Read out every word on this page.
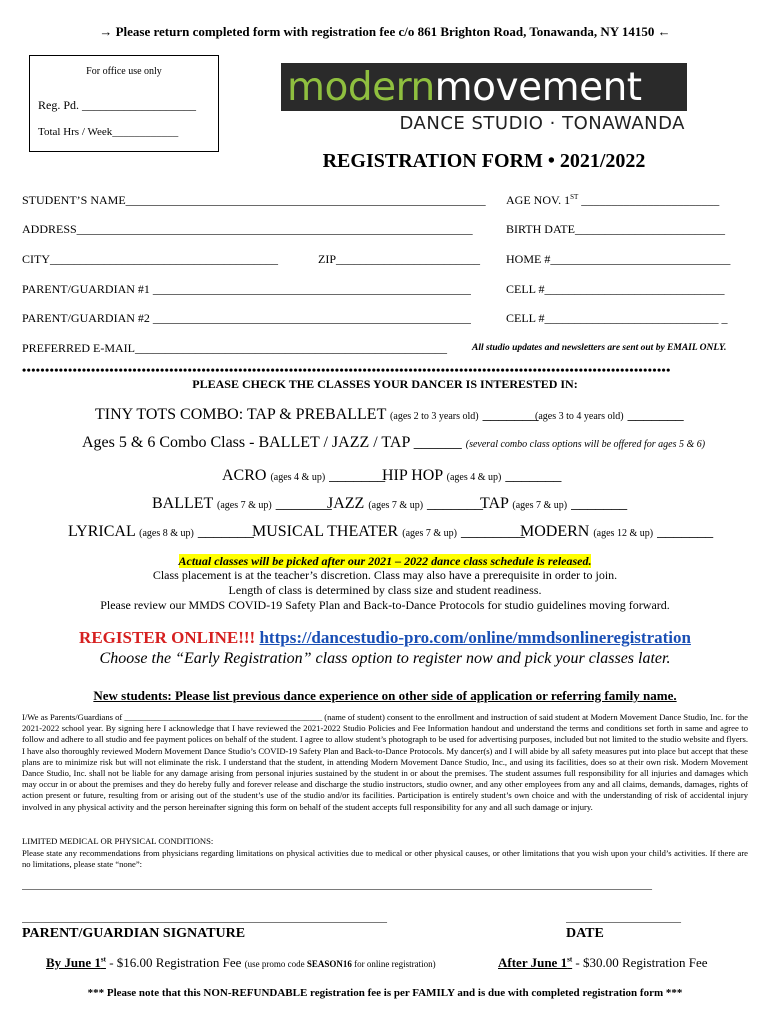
→ Please return completed form with registration fee c/o 861 Brighton Road, Tonawanda, NY 14150 ←
For office use only
Reg. Pd. ___________________
Total Hrs / Week____________
modernmovement
DANCE STUDIO · TONAWANDA
REGISTRATION FORM • 2021/2022
STUDENT’S NAME____________________________________________________________ AGE NOV. 1ST _______________________
ADDRESS__________________________________________________________________	BIRTH DATE_________________________
CITY______________________________________	ZIP________________________ HOME #______________________________
PARENT/GUARDIAN #1 _____________________________________________________	CELL #______________________________
PARENT/GUARDIAN #2 _____________________________________________________	CELL #_____________________________ _
PREFERRED E-MAIL____________________________________________________	All studio updates and newsletters are sent out by EMAIL ONLY.
•••••••••••••••••••••••••••••••••••••••••••••••••••••••••••••••••••••••••••••••••••••••••••••••••••••••••••••••••••••••••••••••••••••••••••••
PLEASE CHECK THE CLASSES YOUR DANCER IS INTERESTED IN:
TINY TOTS COMBO: TAP & PREBALLET (ages 2 to 3 years old) _______
(ages 3 to 4 years old) _______
Ages 5 & 6 Combo Class - BALLET / JAZZ / TAP ______ (several combo class options will be offered for ages 5 & 6)
ACRO (ages 4 & up) _______
HIP HOP (ages 4 & up) _______
BALLET (ages 7 & up) _______
JAZZ (ages 7 & up) _______
TAP (ages 7 & up) _______
LYRICAL (ages 8 & up) _______
MUSICAL THEATER (ages 7 & up) ________
MODERN (ages 12 & up) _______
Actual classes will be picked after our 2021 – 2022 dance class schedule is released.
Class placement is at the teacher’s discretion. Class may also have a prerequisite in order to join.
Length of class is determined by class size and student readiness.
Please review our MMDS COVID-19 Safety Plan and Back-to-Dance Protocols for studio guidelines moving forward.
REGISTER ONLINE!!! https://dancestudio-pro.com/online/mmdsonlineregistration
Choose the “Early Registration” class option to register now and pick your classes later.
New students: Please list previous dance experience on other side of application or referring family name.
I/We as Parents/Guardians of ______________________________________________ (name of student) consent to the enrollment and instruction of said student at Modern Movement Dance Studio, Inc. for the 2021-2022 school year. By signing here I acknowledge that I have reviewed the 2021-2022 Studio Policies and Fee Information handout and understand the terms and conditions set forth in same and agree to follow and adhere to all studio and fee payment polices on behalf of the student. I agree to allow student’s photograph to be used for advertising purposes, included but not limited to the studio website and flyers. I have also thoroughly reviewed Modern Movement Dance Studio’s COVID-19 Safety Plan and Back-to-Dance Protocols. My dancer(s) and I will abide by all safety measures put into place but accept that these plans are to minimize risk but will not eliminate the risk. I understand that the student, in attending Modern Movement Dance Studio, Inc., and using its facilities, does so at their own risk. Modern Movement Dance Studio, Inc. shall not be liable for any damage arising from personal injuries sustained by the student in or about the premises. The student assumes full responsibility for all injuries and damages which may occur in or about the premises and they do hereby fully and forever release and discharge the studio instructors, studio owner, and any other employees from any and all claims, demands, damages, rights of action present or future, resulting from or arising out of the student’s use of the studio and/or its facilities. Participation is entirely student’s own choice and with the understanding of risk of accidental injury involved in any physical activity and the person hereinafter signing this form on behalf of the student accepts full responsibility for any and all such damage or injury.
LIMITED MEDICAL OR PHYSICAL CONDITIONS:
Please state any recommendations from physicians regarding limitations on physical activities due to medical or other physical causes, or other limitations that you wish upon your child’s activities. If there are no limitations, please state “none”:
______________________________________________________________________________________________________________________________
_________________________________________________________________________	_______________________
PARENT/GUARDIAN SIGNATURE	DATE
By June 1st - $16.00 Registration Fee (use promo code SEASON16 for online registration)	After June 1st - $30.00 Registration Fee
*** Please note that this NON-REFUNDABLE registration fee is per FAMILY and is due with completed registration form ***
